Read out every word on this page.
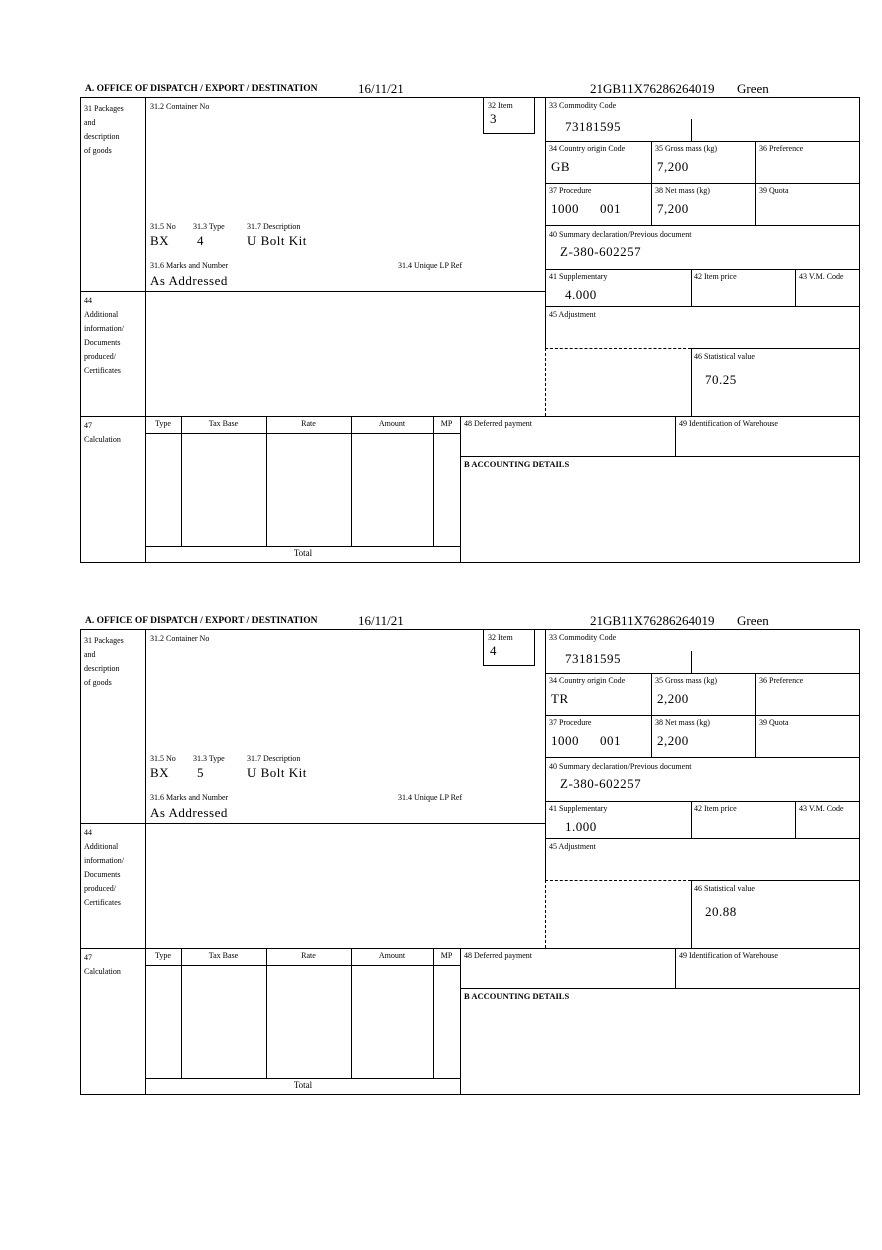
A. OFFICE OF DISPATCH / EXPORT / DESTINATION	16/11/21	21GB11X76286264019 Green
31 Packages
and
description
of goods
44
Additional
information/
Documents
produced/
Certificates
47
Calculation
31.2 Container No	32 Item
3
31.5 No 31.3 Type	31.7 Description
BX 4	U Bolt Kit
31.6 Marks and Number	31.4 Unique LP Ref
As Addressed
33 Commodity Code
73181595
34 Country origin Code
GB
35 Gross mass (kg)
7,200
36 Preference
37 Procedure
1000 001
38 Net mass (kg)
7,200
39 Quota
40 Summary declaration/Previous document
Z-380-602257
41 Supplementary
4.000
42 Item price	43 V.M. Code
45 Adjustment
46 Statistical value
70.25
Type	Tax Base	Rate	Amount	MP
Total
48 Deferred payment	49 Identification of Warehouse
B ACCOUNTING DETAILS
A. OFFICE OF DISPATCH / EXPORT / DESTINATION	16/11/21	21GB11X76286264019 Green
31 Packages
and
description
of goods
44
Additional
information/
Documents
produced/
Certificates
47
Calculation
31.2 Container No	32 Item
4
31.5 No 31.3 Type	31.7 Description
BX 5	U Bolt Kit
31.6 Marks and Number	31.4 Unique LP Ref
As Addressed
33 Commodity Code
73181595
34 Country origin Code
TR
35 Gross mass (kg)
2,200
36 Preference
37 Procedure
1000 001
38 Net mass (kg)
2,200
39 Quota
40 Summary declaration/Previous document
Z-380-602257
41 Supplementary
1.000
42 Item price	43 V.M. Code
45 Adjustment
46 Statistical value
20.88
Type	Tax Base	Rate	Amount	MP
Total
48 Deferred payment	49 Identification of Warehouse
B ACCOUNTING DETAILS
